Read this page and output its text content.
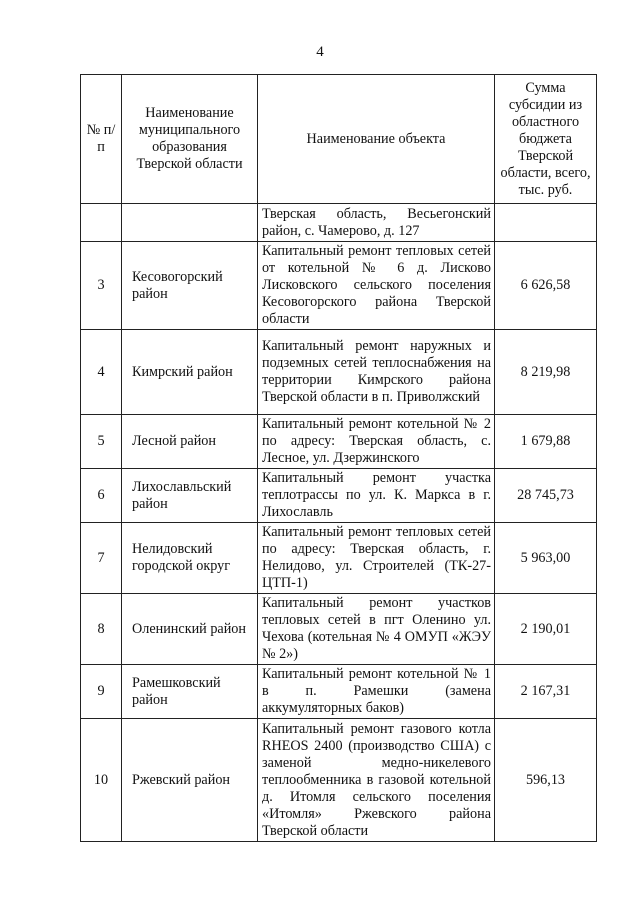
4
№ п/п	Наименование муниципального образования Тверской области	Наименование объекта	Сумма субсидии из областного бюджета Тверской области, всего, тыс. руб.
		Тверская область, Весьегонский район, с. Чамерово, д. 127	
3	Кесовогорский район	Капитальный ремонт тепловых сетей от котельной № 6 д. Лисково Лисковского сельского поселения Кесовогорского района Тверской области	6 626,58
4	Кимрский район	Капитальный ремонт наружных и подземных сетей теплоснабжения на территории Кимрского района Тверской области в п. Приволжский	8 219,98
5	Лесной район	Капитальный ремонт котельной № 2 по адресу: Тверская область, с. Лесное, ул. Дзержинского	1 679,88
6	Лихославльский район	Капитальный ремонт участка теплотрассы по ул. К. Маркса в г. Лихославль	28 745,73
7	Нелидовский городской округ	Капитальный ремонт тепловых сетей по адресу: Тверская область, г. Нелидово, ул. Строителей (ТК-27-ЦТП-1)	5 963,00
8	Оленинский район	Капитальный ремонт участков тепловых сетей в пгт Оленино ул. Чехова (котельная № 4 ОМУП «ЖЭУ № 2»)	2 190,01
9	Рамешковский район	Капитальный ремонт котельной № 1 в п. Рамешки (замена аккумуляторных баков)	2 167,31
10	Ржевский район	Капитальный ремонт газового котла RHEOS 2400 (производство США) с заменой медно-никелевого теплообменника в газовой котельной д. Итомля сельского поселения «Итомля» Ржевского района Тверской области	596,13
